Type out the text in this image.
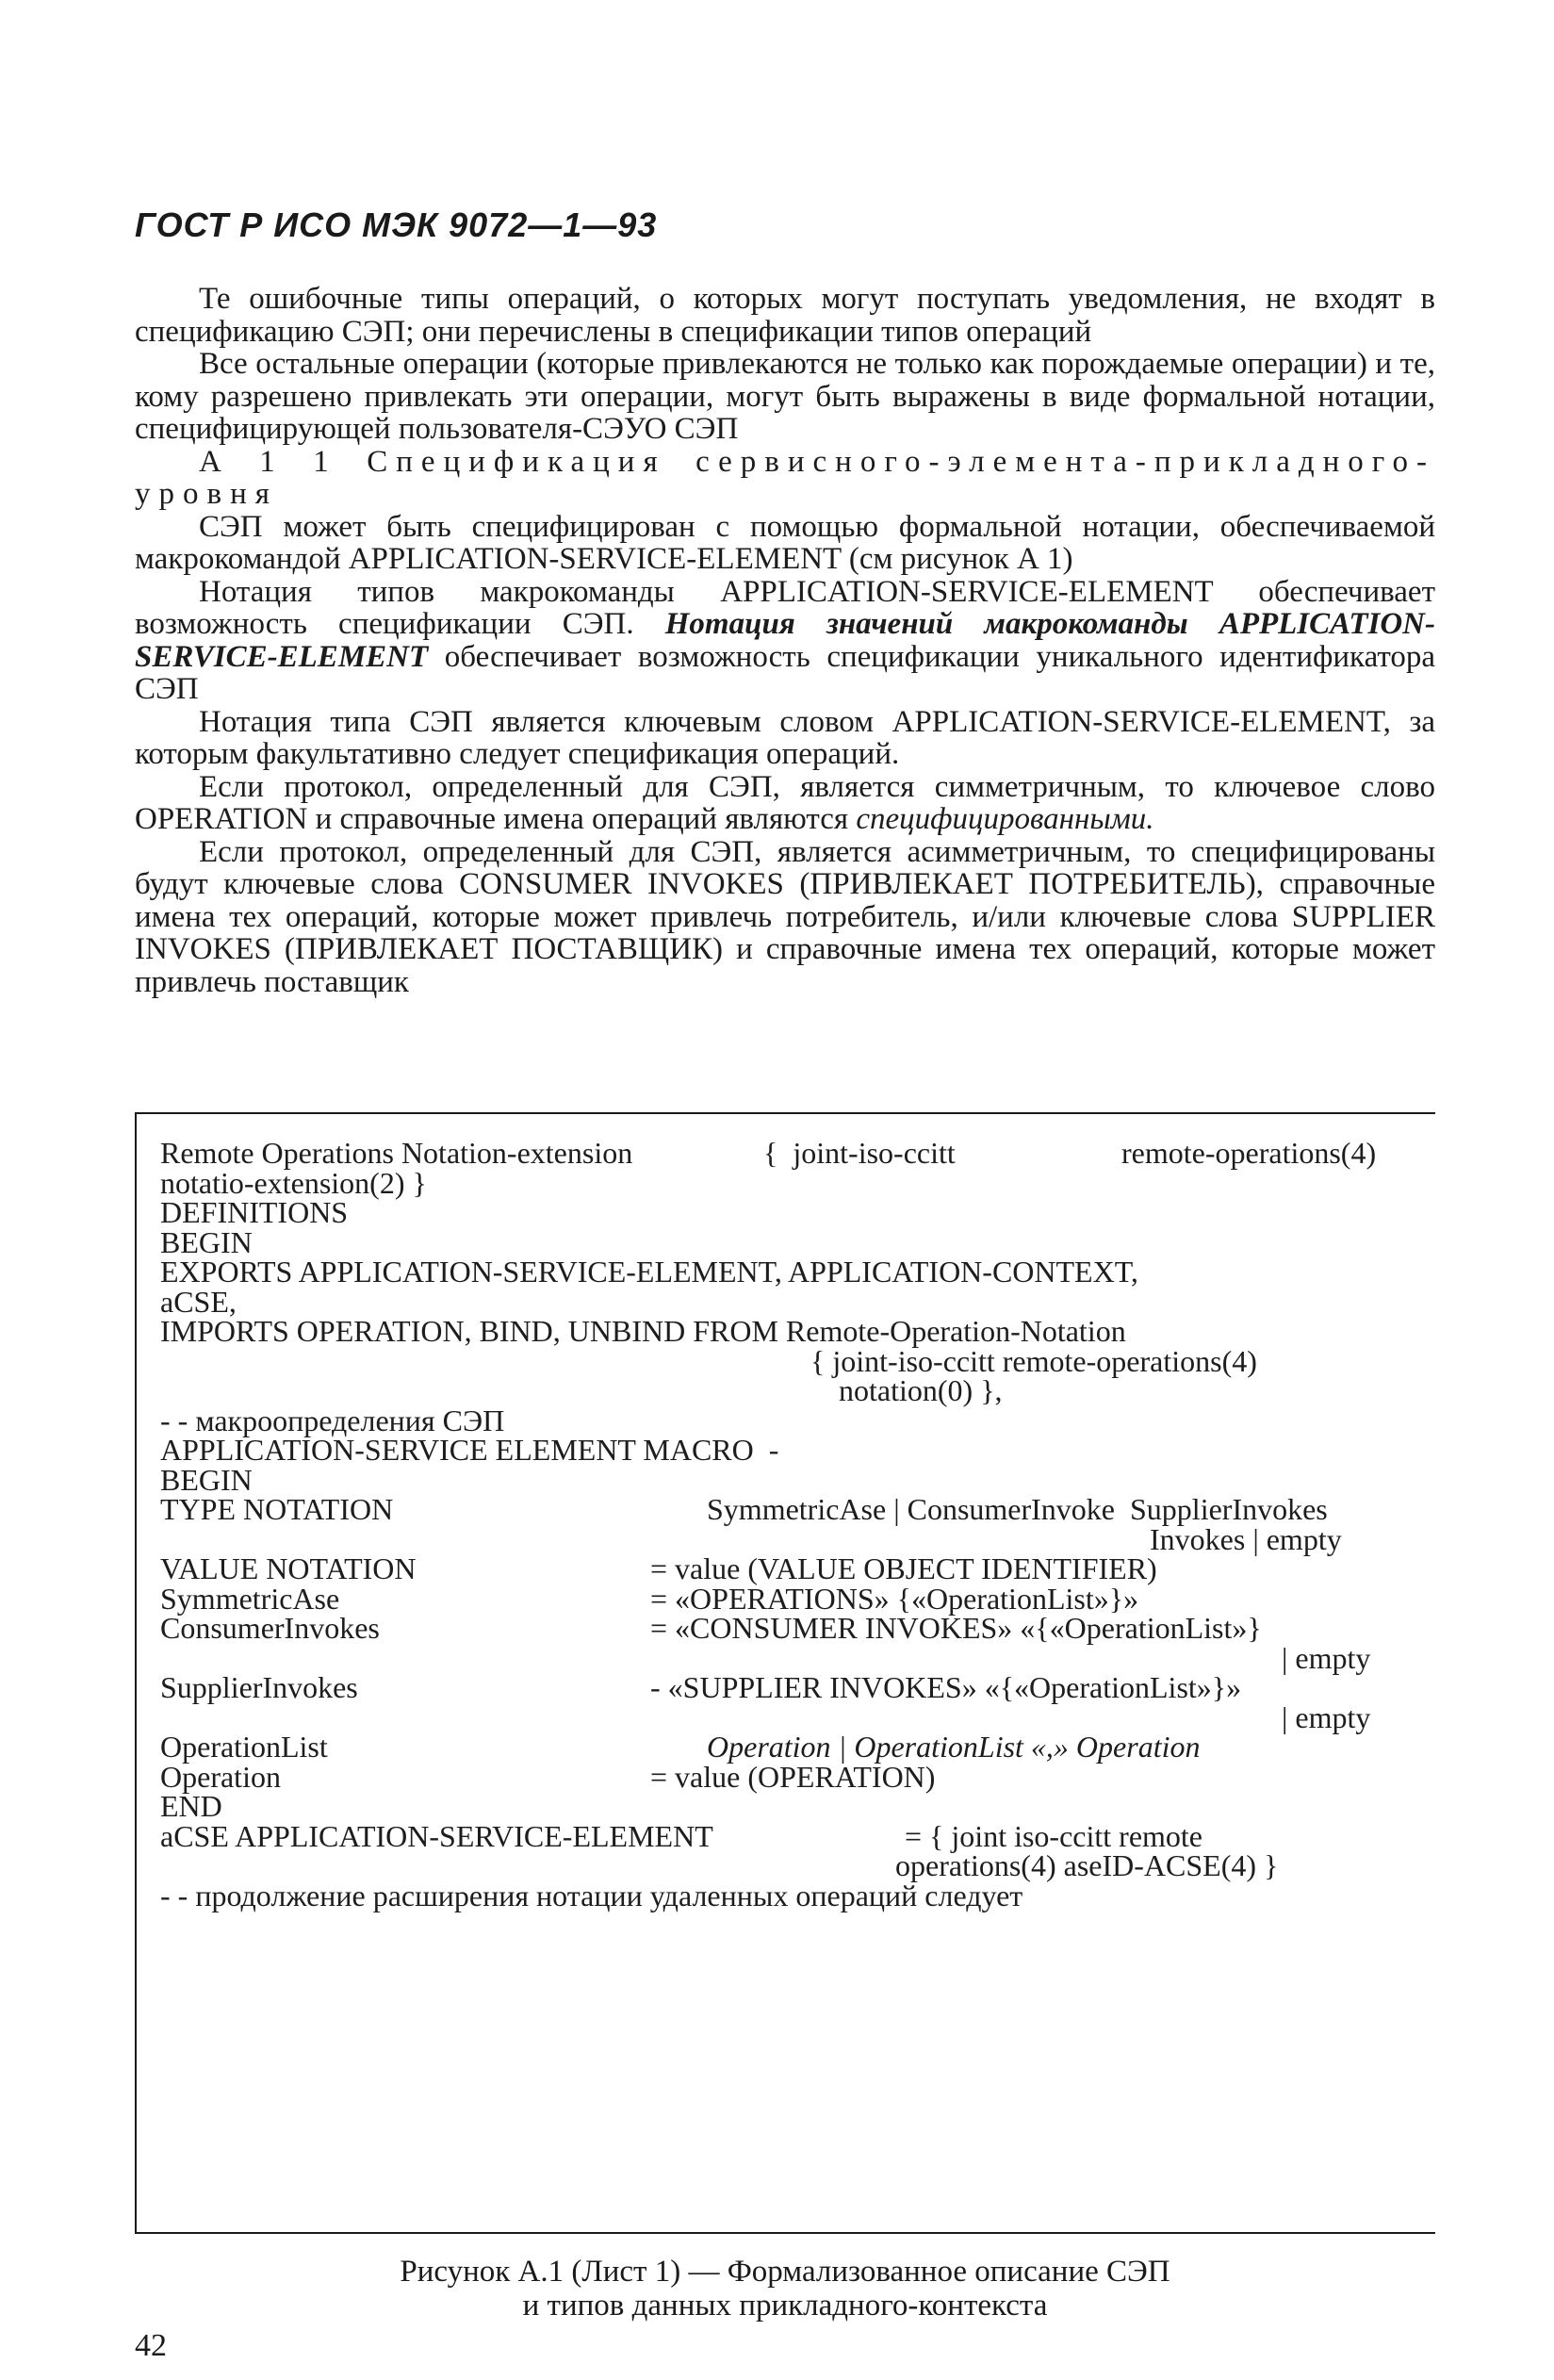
ГОСТ Р ИСО МЭК 9072—1—93

Те ошибочные типы операций, о которых могут поступать уведомления, не входят в спецификацию СЭП; они перечислены в спецификации типов операций

Все остальные операции (которые привлекаются не только как порождаемые операции) и те, кому разрешено привлекать эти операции, могут быть выражены в виде формальной нотации, специфицирующей пользователя-СЭУО СЭП

А 1 1 Спецификация сервисного-элемента-прикладного-уровня

СЭП может быть специфицирован с помощью формальной нотации, обеспечиваемой макрокомандой APPLICATION-SERVICE-ELEMENT (см рисунок А 1)

Нотация типов макрокоманды APPLICATION-SERVICE-ELEMENT обеспечивает возможность спецификации СЭП. Нотация значений макрокоманды APPLICATION-SERVICE-ELEMENT обеспечивает возможность спецификации уникального идентификатора СЭП

Нотация типа СЭП является ключевым словом APPLICATION-SERVICE-ELEMENT, за которым факультативно следует спецификация операций.

Если протокол, определенный для СЭП, является симметричным, то ключевое слово OPERATION и справочные имена операций являются специфицированными.

Если протокол, определенный для СЭП, является асимметричным, то специфицированы будут ключевые слова CONSUMER INVOKES (ПРИВЛЕКАЕТ ПОТРЕБИТЕЛЬ), справочные имена тех операций, которые может привлечь потребитель, и/или ключевые слова SUPPLIER INVOKES (ПРИВЛЕКАЕТ ПОСТАВЩИК) и справочные имена тех операций, которые может привлечь поставщик

Remote Operations Notation-extension

	{  joint-iso-ccitt

	remote-operations(4)

notatio-extension(2) }
DEFINITIONS
BEGIN
EXPORTS APPLICATION-SERVICE-ELEMENT, APPLICATION-CONTEXT,
aCSE,
IMPORTS OPERATION, BIND, UNBIND FROM Remote-Operation-Notation
{ joint-iso-ccitt remote-operations(4)
notation(0) },
- - макроопределения СЭП
APPLICATION-SERVICE ELEMENT MACRO  -
BEGIN

TYPE NOTATION

	SymmetricAse | ConsumerInvoke  SupplierInvokes

Invokes | empty

VALUE NOTATION

	= value (VALUE OBJECT IDENTIFIER)

SymmetricAse

	= «OPERATIONS» {«OperationList»}»

ConsumerInvokes

	= «CONSUMER INVOKES» «{«OperationList»}

| empty

SupplierInvokes

	- «SUPPLIER INVOKES» «{«OperationList»}»

| empty

OperationList

	Operation | OperationList «,» Operation

Operation

	= value (OPERATION)

END

aCSE APPLICATION-SERVICE-ELEMENT

	= { joint iso-ccitt remote

operations(4) aseID-ACSE(4) }
- - продолжение расширения нотации удаленных операций следует
Рисунок А.1 (Лист 1) — Формализованное описание СЭП
и типов данных прикладного-контекста
42
